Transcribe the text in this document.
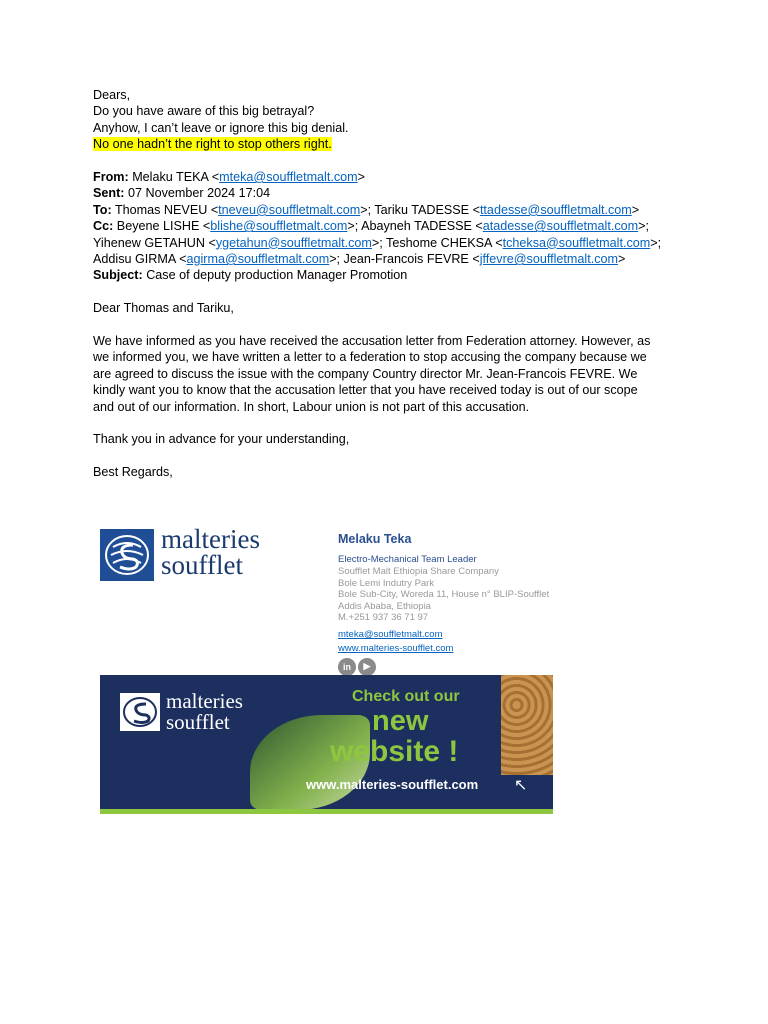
Dears,
Do you have aware of this big betrayal?
Anyhow, I can’t leave or ignore this big denial.
No one hadn’t the right to stop others right.
From: Melaku TEKA <mteka@souffletmalt.com>
Sent: 07 November 2024 17:04
To: Thomas NEVEU <tneveu@souffletmalt.com>; Tariku TADESSE <ttadesse@souffletmalt.com>
Cc: Beyene LISHE <blishe@souffletmalt.com>; Abayneh TADESSE <atadesse@souffletmalt.com>;
Yihenew GETAHUN <ygetahun@souffletmalt.com>; Teshome CHEKSA <tcheksa@souffletmalt.com>;
Addisu GIRMA <agirma@souffletmalt.com>; Jean-Francois FEVRE <jffevre@souffletmalt.com>
Subject: Case of deputy production Manager Promotion
Dear Thomas and Tariku,
We have informed as you have received the accusation letter from Federation attorney. However, as
we informed you, we have written a letter to a federation to stop accusing the company because we
are agreed to discuss the issue with the company Country director Mr. Jean-Francois FEVRE. We
kindly want you to know that the accusation letter that you have received today is out of our scope
and out of our information. In short, Labour union is not part of this accusation.
Thank you in advance for your understanding,
Best Regards,
malteries
soufflet
Melaku Teka
Electro-Mechanical Team Leader
Soufflet Malt Ethiopia Share Company
Bole Lemi Indutry Park
Bole Sub-City, Woreda 11, House n° BLIP-Soufflet
Addis Ababa, Ethiopia
M.+251 937 36 71 97
mteka@souffletmalt.com
www.malteries-soufflet.com
in	▶
malteries
soufflet
Check out our
new
website !
www.malteries-soufflet.com ↖
